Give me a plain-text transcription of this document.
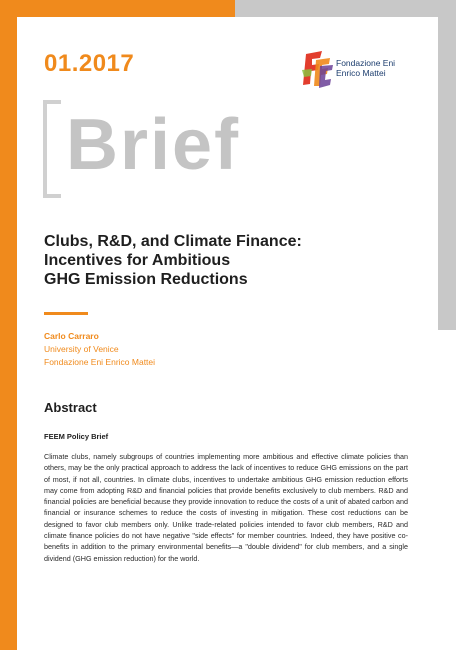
01.2017	Fondazione Eni
Enrico Mattei
Brief
Clubs, R&D, and Climate Finance:
Incentives for Ambitious
GHG Emission Reductions
Carlo Carraro
University of Venice
Fondazione Eni Enrico Mattei
Abstract
FEEM Policy Brief
Climate clubs, namely subgroups of countries implementing more ambitious and effective climate policies than others, may be the only practical approach to address the lack of incentives to reduce GHG emissions on the part of most, if not all, countries. In climate clubs, incentives to undertake ambitious GHG emission reduction efforts may come from adopting R&D and financial policies that provide benefits exclusively to club members. R&D and financial policies are beneficial because they provide innovation to reduce the costs of a unit of abated carbon and financial or insurance schemes to reduce the costs of investing in mitigation. These cost reductions can be designed to favor club members only. Unlike trade-related policies intended to favor club members, R&D and climate finance policies do not have negative "side effects" for member countries. Indeed, they have positive co-benefits in addition to the primary environmental benefits—a "double dividend" for club members, and a single dividend (GHG emission reduction) for the world.
